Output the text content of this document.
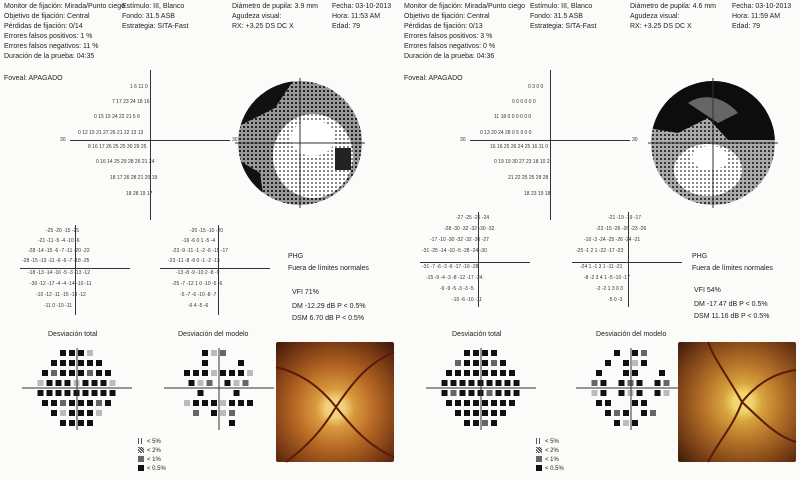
Monitor de fijación: Mirada/Punto ciego
Objetivo de fijación: Central
Pérdidas de fijación: 0/14
Errores falsos positivos: 1 %
Errores falsos negativos: 11 %
Duración de la prueba: 04:35
Estímulo: III, Blanco
Fondo: 31.5 ASB
Estrategia: SITA-Fast
Diámetro de pupila: 3.9 mm
Agudeza visual:
RX: +3.25 DS DC X
Fecha: 03-10-2013
Hora: 11:53 AM
Edad: 79
Foveal: APAGADO
30	30
1 6 11 0
7 17 23 24 18 16
0 15 15 24 22 21 5 6
0 12 15 21 27 26 21 22 13 13
8 16 17 26 25 25 30 29 25
0 16 14 25 29 28 26 21 24
18 17 26 28 21 20 19
18 28 19 17
-25 -20 -15 -25
-21 -11 -5 -4 -10 -6
-28 -14 -15 -6 -7 -11 -20 -22
-28 -15 -13 -11 -6 -6 -7 -18 -25
-18 -13 -14 -16 -5 -3 -13 -12
-30 -12 -17 -4 -4 -14 -10 -11
-10 -12 -11 -15 -13 -12
-11 0 -10 -11
-20 -15 -10 -20
-16 -6 0 1 -5 -4
-23 -9 -11 -1 -2 -6 -15 -17
-23 -11 -8 -6 0 -1 -2 -13
-13 -8 -9 -10 2 -8 -9
-25 -7 -12 1 0 -10 -5 -6
-5 -7 -6 -10 -8 -7
-6 4 -5 -6
PHG
Fuera de límites normales
VFI 71%
DM -12.29 dB P < 0.5%
DSM 6.70 dB P < 0.5%
Desviación total	Desviación del modelo
< 5%
< 2%
< 1%
< 0.5%
Monitor de fijación: Mirada/Punto ciego
Objetivo de fijación: Central
Pérdidas de fijación: 0/13
Errores falsos positivos: 3 %
Errores falsos negativos: 0 %
Duración de la prueba: 04:36
Estímulo: III, Blanco
Fondo: 31.5 ASB
Estrategia: SITA-Fast
Diámetro de pupila: 4.6 mm
Agudeza visual:
RX: +3.25 DS DC X
Fecha: 03-10-2013
Hora: 11:59 AM
Edad: 79
Foveal: APAGADO
30	30
0 3 0 0
0 0 0 0 0 0
11 18 0 0 0 0 0 0
0 13 20 24 28 0 5 9 0 0
16 16 25 26 24 25 16 11 0
0 19 19 30 27 23 18 10 2
21 22 25 25 28 28
18 23 19 18
-27 -25 -26 -24
-28 -30 -32 -32 -30 -32
-17 -10 -30 -32 -32 -30 -27
-31 -25 -14 -10 -5 -28 -24 -30
-31 -7 -6 -3 -6 -17 -16 -28
-15 -9 -4 -3 -8 -12 -17 -24
-9 -9 -5 -3 -3 -5
-10 -6 -10 -11
-21 -19 -19 -17
-23 -15 -26 -26 -23 -26
-10 -3 -24 -25 -26 -24 -21
-25 -1 2 1 -22 -17 -23
-24 1 -1 3 1 -11 -21
-8 -2 3 4 1 -5 -10 -17
-2 -2 1 3 0 3
-5 0 -3
PHG
Fuera de límites normales
VFI 54%
DM -17.47 dB P < 0.5%
DSM 11.16 dB P < 0.5%
Desviación total	Desviación del modelo
< 5%
< 2%
< 1%
< 0.5%
